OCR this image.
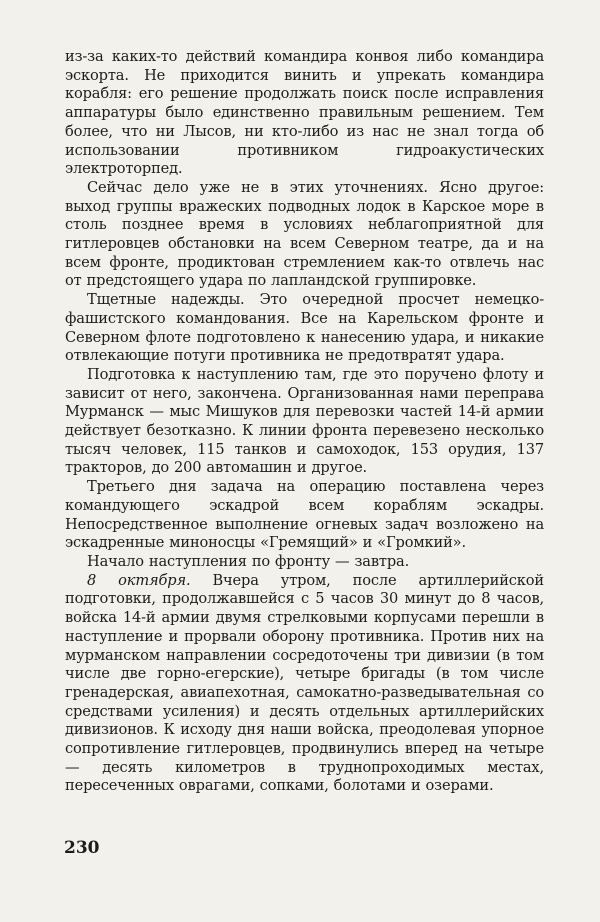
из-за каких-то действий командира конвоя либо командира эскорта. Не приходится винить и упрекать командира корабля: его решение продолжать поиск после исправления аппаратуры было единственно правильным решением. Тем более, что ни Лысов, ни кто-либо из нас не знал тогда об использовании противником гидроакустических электроторпед.

Сейчас дело уже не в этих уточнениях. Ясно другое: выход группы вражеских подводных лодок в Карское море в столь позднее время в условиях неблагоприятной для гитлеровцев обстановки на всем Северном театре, да и на всем фронте, продиктован стремлением как-то отвлечь нас от предстоящего удара по лапландской группировке.

Тщетные надежды. Это очередной просчет немецко-фашистского командования. Все на Карельском фронте и Северном флоте подготовлено к нанесению удара, и никакие отвлекающие потуги противника не предотвратят удара.

Подготовка к наступлению там, где это поручено флоту и зависит от него, закончена. Организованная нами переправа Мурманск — мыс Мишуков для перевозки частей 14-й армии действует безотказно. К линии фронта перевезено несколько тысяч человек, 115 танков и самоходок, 153 орудия, 137 тракторов, до 200 автомашин и другое.

Третьего дня задача на операцию поставлена через командующего эскадрой всем кораблям эскадры. Непосредственное выполнение огневых задач возложено на эскадренные миноносцы «Гремящий» и «Громкий».

Начало наступления по фронту — завтра.

8 октября. Вчера утром, после артиллерийской подготовки, продолжавшейся с 5 часов 30 минут до 8 часов, войска 14-й армии двумя стрелковыми корпусами перешли в наступление и прорвали оборону противника. Против них на мурманском направлении сосредоточены три дивизии (в том числе две горно-егерские), четыре бригады (в том числе гренадерская, авиапехотная, самокатно-разведывательная со средствами усиления) и десять отдельных артиллерийских дивизионов. К исходу дня наши войска, преодолевая упорное сопротивление гитлеровцев, продвинулись вперед на четыре — десять километров в труднопроходимых местах, пересеченных оврагами, сопками, болотами и озерами.

230
